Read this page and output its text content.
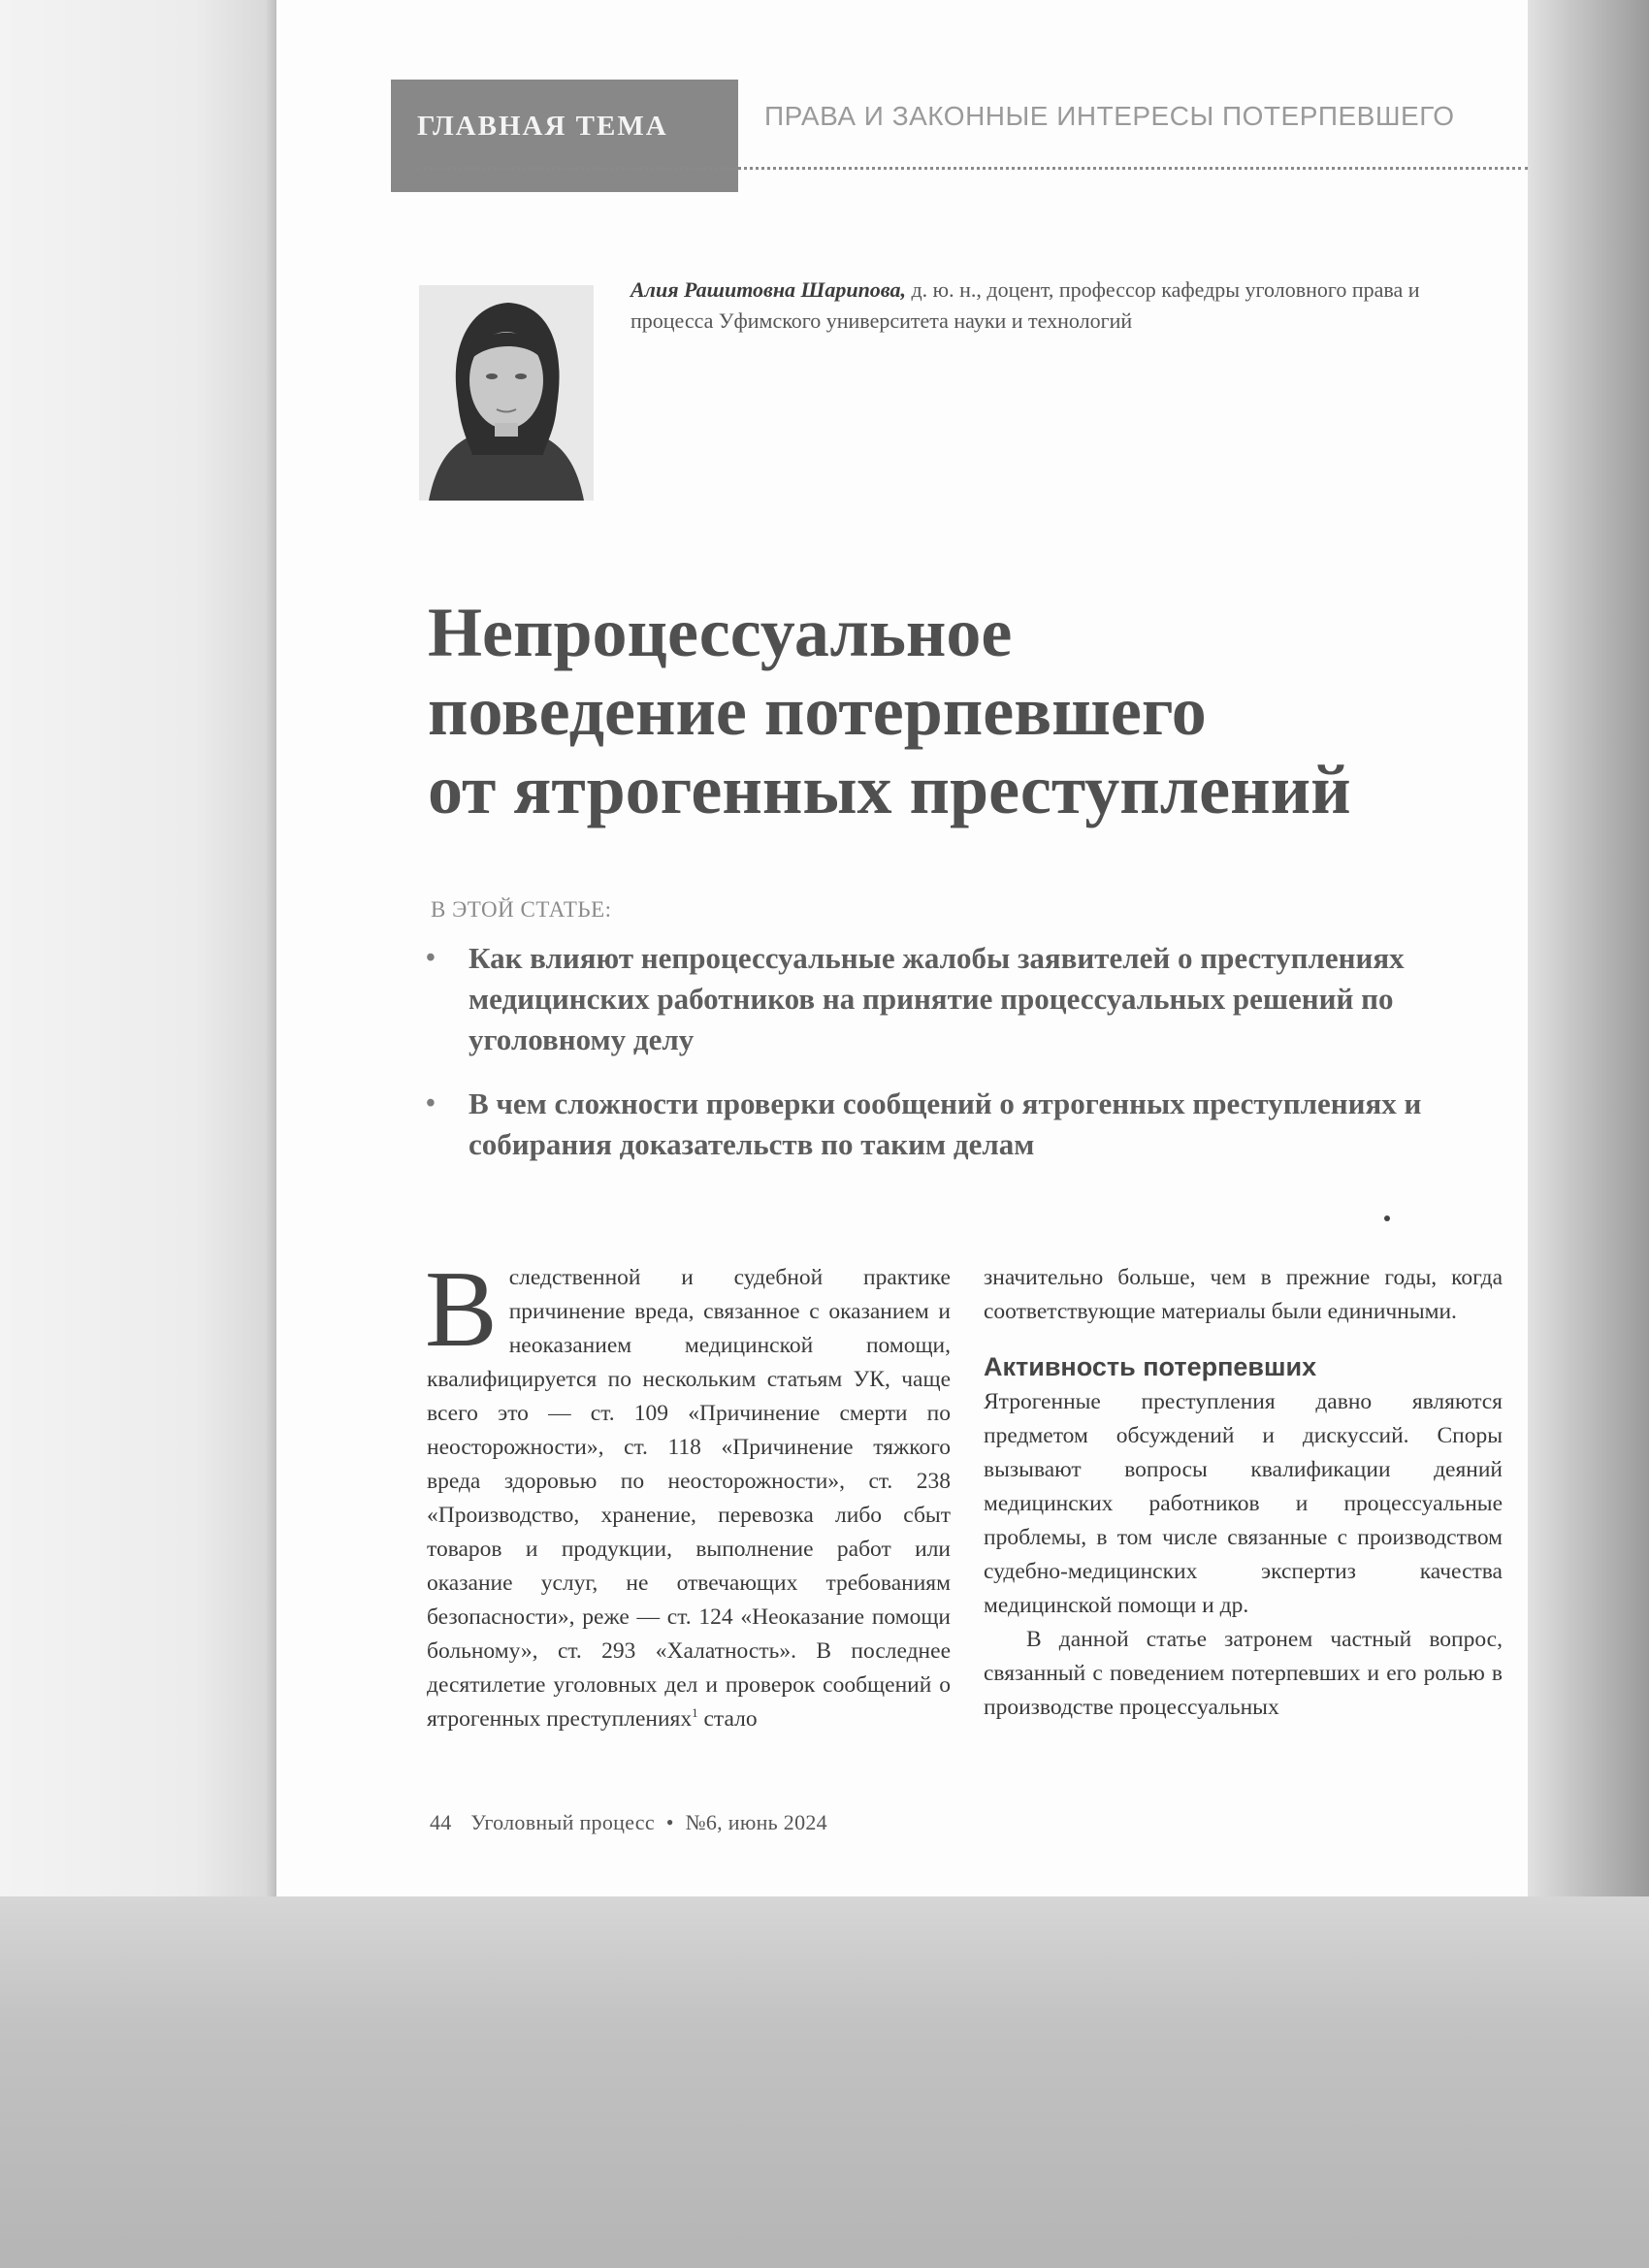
ГЛАВНАЯ ТЕМА	ПРАВА И ЗАКОННЫЕ ИНТЕРЕСЫ ПОТЕРПЕВШЕГО
Алия Рашитовна Шарипова, д. ю. н., доцент, профессор кафедры уголовного права и процесса Уфимского университета науки и технологий
Непроцессуальное
поведение потерпевшего
от ятрогенных преступлений
В ЭТОЙ СТАТЬЕ:
• Как влияют непроцессуальные жалобы заявителей о преступлениях медицинских работников на принятие процессуальных решений по уголовному делу
• В чем сложности проверки сообщений о ятрогенных преступлениях и собирания доказательств по таким делам

Вследственной и судебной практике причинение вреда, связанное с оказанием и неоказанием медицинской помощи, квалифицируется по нескольким статьям УК, чаще всего это — ст. 109 «Причинение смерти по неосторожности», ст. 118 «Причинение тяжкого вреда здоровью по неосторожности», ст. 238 «Производство, хранение, перевозка либо сбыт товаров и продукции, выполнение работ или оказание услуг, не отвечающих требованиям безопасности», реже — ст. 124 «Неоказание помощи больному», ст. 293 «Халатность». В последнее десятилетие уголовных дел и проверок сообщений о ятрогенных преступлениях$^1$ стало

значительно больше, чем в прежние годы, когда соответствующие материалы были единичными.

Активность потерпевших

Ятрогенные преступления давно являются предметом обсуждений и дискуссий. Споры вызывают вопросы квалификации деяний медицинских работников и процессуальные проблемы, в том числе связанные с производством судебно-медицинских экспертиз качества медицинской помощи и др.

В данной статье затронем частный вопрос, связанный с поведением потерпевших и его ролью в производстве процессуальных

44 Уголовный процесс • №6, июнь 2024
